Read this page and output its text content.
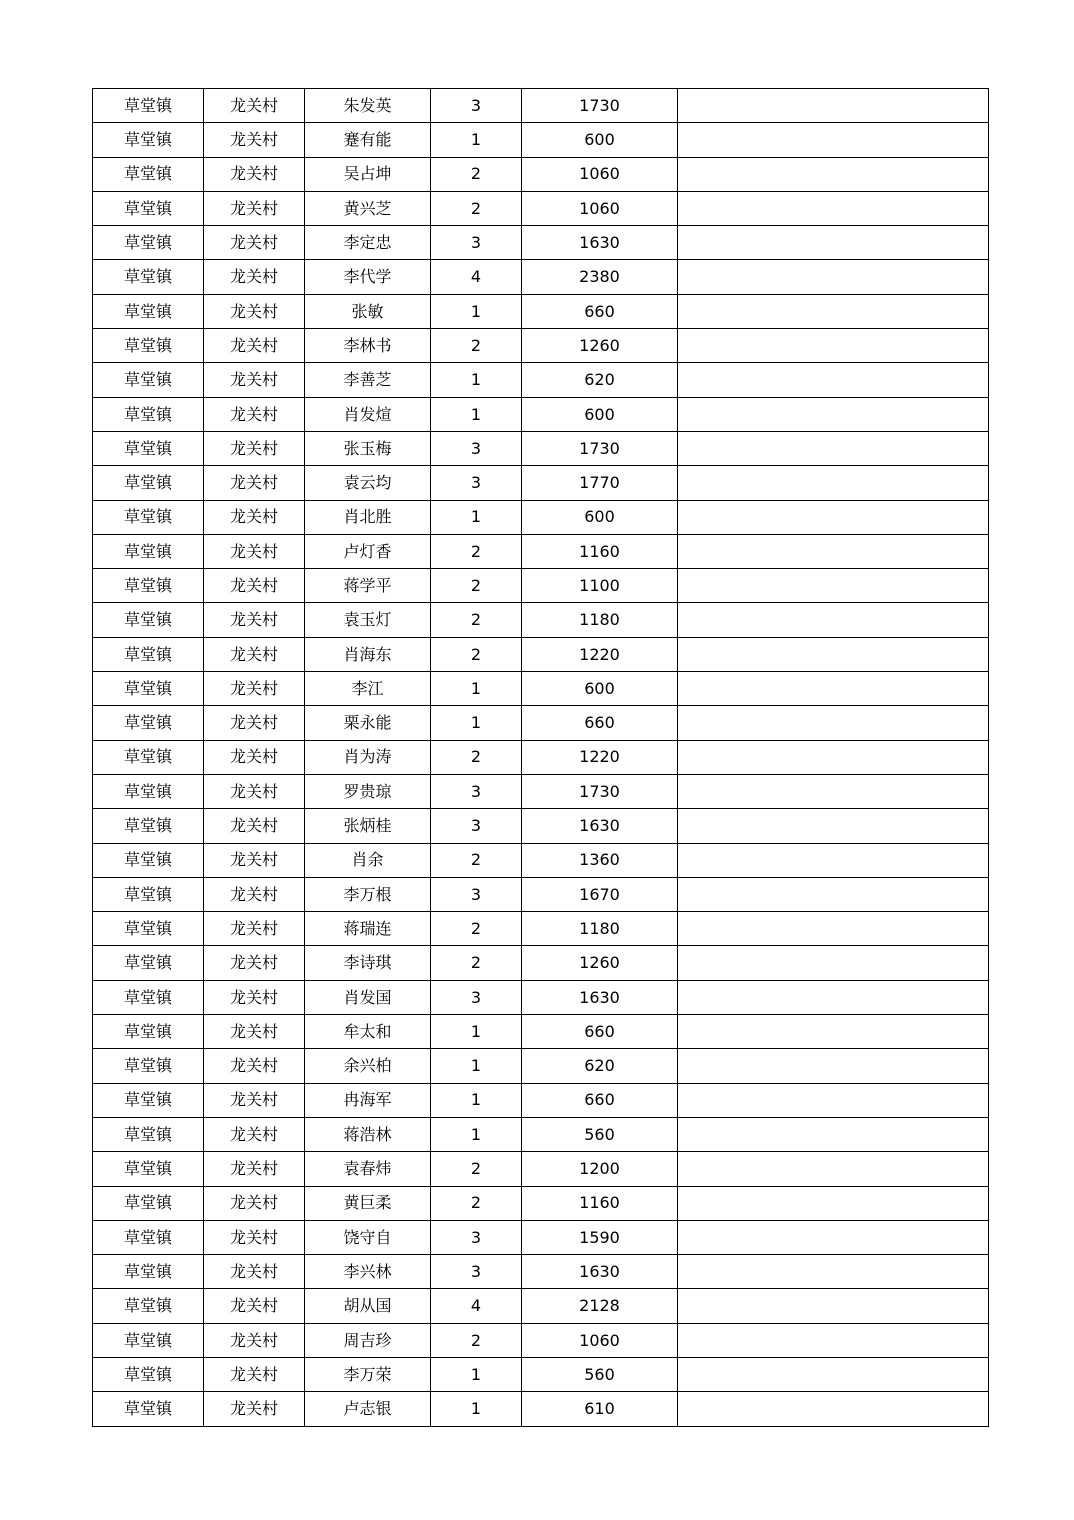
草堂镇	龙关村	朱发英	3	1730	
草堂镇	龙关村	蹇有能	1	600	
草堂镇	龙关村	吴占坤	2	1060	
草堂镇	龙关村	黄兴芝	2	1060	
草堂镇	龙关村	李定忠	3	1630	
草堂镇	龙关村	李代学	4	2380	
草堂镇	龙关村	张敏	1	660	
草堂镇	龙关村	李林书	2	1260	
草堂镇	龙关村	李善芝	1	620	
草堂镇	龙关村	肖发煊	1	600	
草堂镇	龙关村	张玉梅	3	1730	
草堂镇	龙关村	袁云均	3	1770	
草堂镇	龙关村	肖北胜	1	600	
草堂镇	龙关村	卢灯香	2	1160	
草堂镇	龙关村	蒋学平	2	1100	
草堂镇	龙关村	袁玉灯	2	1180	
草堂镇	龙关村	肖海东	2	1220	
草堂镇	龙关村	李江	1	600	
草堂镇	龙关村	栗永能	1	660	
草堂镇	龙关村	肖为涛	2	1220	
草堂镇	龙关村	罗贵琼	3	1730	
草堂镇	龙关村	张炳桂	3	1630	
草堂镇	龙关村	肖余	2	1360	
草堂镇	龙关村	李万根	3	1670	
草堂镇	龙关村	蒋瑞连	2	1180	
草堂镇	龙关村	李诗琪	2	1260	
草堂镇	龙关村	肖发国	3	1630	
草堂镇	龙关村	牟太和	1	660	
草堂镇	龙关村	余兴柏	1	620	
草堂镇	龙关村	冉海军	1	660	
草堂镇	龙关村	蒋浩林	1	560	
草堂镇	龙关村	袁春炜	2	1200	
草堂镇	龙关村	黄巨柔	2	1160	
草堂镇	龙关村	饶守自	3	1590	
草堂镇	龙关村	李兴林	3	1630	
草堂镇	龙关村	胡从国	4	2128	
草堂镇	龙关村	周吉珍	2	1060	
草堂镇	龙关村	李万荣	1	560	
草堂镇	龙关村	卢志银	1	610	
